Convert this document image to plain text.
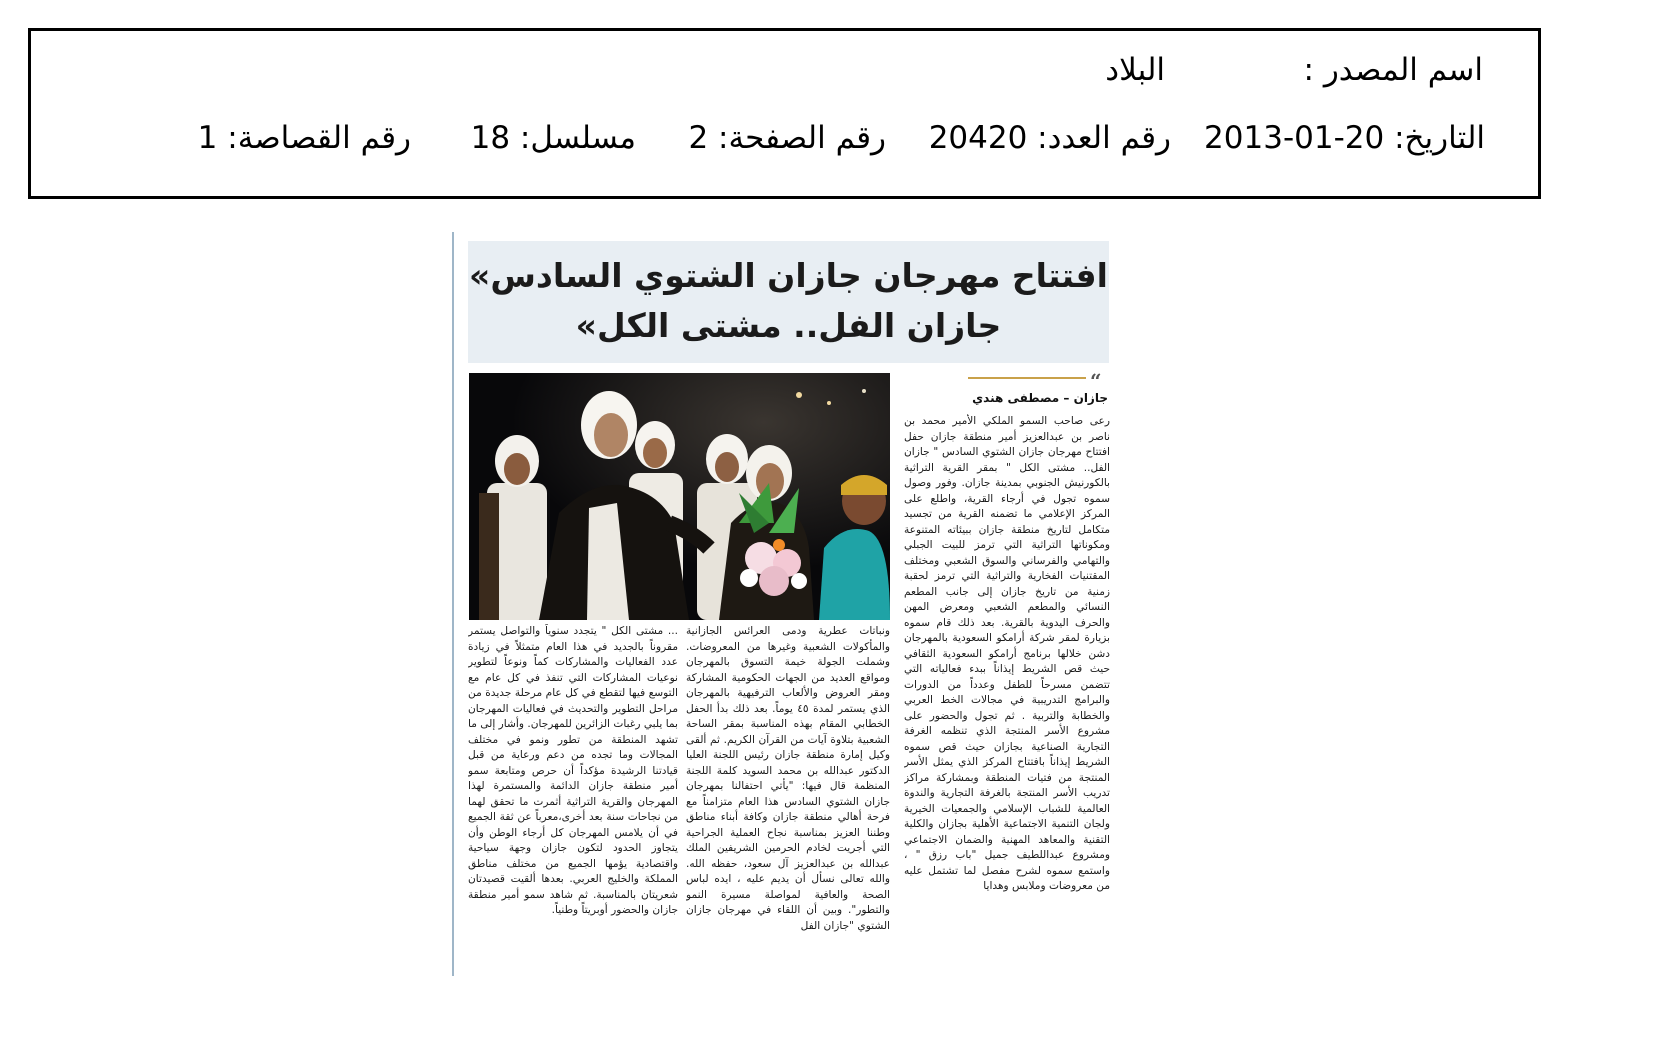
اسم المصدر :
البلاد
التاريخ: 20-01-2013
رقم العدد: 20420
رقم الصفحة: 2
مسلسل: 18
رقم القصاصة: 1
افتتاح مهرجان جازان الشتوي السادس»
جازان الفل.. مشتى الكل»
“
جازان – مصطفى هندي
رعى صاحب السمو الملكي الأمير محمد بن ناصر بن عبدالعزيز أمير منطقة جازان حفل افتتاح مهرجان جازان الشتوي السادس " جازان الفل.. مشتى الكل " بمقر القرية التراثية بالكورنيش الجنوبي بمدينة جازان. وفور وصول سموه تجول في أرجاء القرية، واطلع على المركز الإعلامي ما تضمنه القرية من تجسيد متكامل لتاريخ منطقة جازان ببيئاته المتنوعة ومكوناتها التراثية التي ترمز للبيت الجبلي والتهامي والفرساني والسوق الشعبي ومختلف المقتنيات الفخارية والتراثية التي ترمز لحقبة زمنية من تاريخ جازان إلى جانب المطعم النسائي والمطعم الشعبي ومعرض المهن والحرف اليدوية بالقرية. بعد ذلك قام سموه بزيارة لمقر شركة أرامكو السعودية بالمهرجان دشن خلالها برنامج أرامكو السعودية الثقافي حيث قص الشريط إيذاناً ببدء فعالياته التي تتضمن مسرحاً للطفل وعدداً من الدورات والبرامج التدريبية في مجالات الخط العربي والخطابة والتربية . ثم تجول والحضور على مشروع الأسر المنتجة الذي تنظمه الغرفة التجارية الصناعية بجازان حيث قص سموه الشريط إيذاناً بافتتاح المركز الذي يمثل الأسر المنتجة من فتيات المنطقة وبمشاركة مراكز تدريب الأسر المنتجة بالغرفة التجارية والندوة العالمية للشباب الإسلامي والجمعيات الخيرية ولجان التنمية الاجتماعية الأهلية بجازان والكلية التقنية والمعاهد المهنية والضمان الاجتماعي ومشروع عبداللطيف جميل "باب رزق " ، واستمع سموه لشرح مفصل لما تشتمل عليه من معروضات وملابس وهدايا
ونباتات عطرية ودمى العرائس الجازانية والمأكولات الشعبية وغيرها من المعروضات. وشملت الجولة خيمة التسوق بالمهرجان ومواقع العديد من الجهات الحكومية المشاركة ومقر العروض والألعاب الترفيهية بالمهرجان الذي يستمر لمدة ٤٥ يوماً. بعد ذلك بدأ الحفل الخطابي المقام بهذه المناسبة بمقر الساحة الشعبية بتلاوة آيات من القرآن الكريم. ثم ألقى وكيل إمارة منطقة جازان رئيس اللجنة العليا الدكتور عبدالله بن محمد السويد كلمة اللجنة المنظمة قال فيها: "يأتي احتفالنا بمهرجان جازان الشتوي السادس هذا العام متزامناً مع فرحة أهالي منطقة جازان وكافة أبناء مناطق وطننا العزيز بمناسبة نجاح العملية الجراحية التي أجريت لخادم الحرمين الشريفين الملك عبدالله بن عبدالعزيز آل سعود، حفظه الله. والله تعالى نسأل أن يديم عليه ، ايده لباس الصحة والعافية لمواصلة مسيرة النمو والتطور". وبين أن اللقاء في مهرجان جازان الشتوي "جازان الفل
... مشتى الكل " يتجدد سنوياً والتواصل يستمر مقروناً بالجديد في هذا العام متمثلاً في زيادة عدد الفعاليات والمشاركات كماً ونوعاً لتطوير نوعيات المشاركات التي تنفذ في كل عام مع التوسع فيها لتقطع في كل عام مرحلة جديدة من مراحل التطوير والتحديث في فعاليات المهرجان بما يلبي رغبات الزائرين للمهرجان. وأشار إلى ما تشهد المنطقة من تطور ونمو في مختلف المجالات وما تجده من دعم ورعاية من قبل قيادتنا الرشيدة مؤكداً أن حرص ومتابعة سمو أمير منطقة جازان الدائمة والمستمرة لهذا المهرجان والقرية التراثية أثمرت ما تحقق لهما من نجاحات سنة بعد أخرى،معرباً عن ثقة الجميع في أن يلامس المهرجان كل أرجاء الوطن وأن يتجاوز الحدود لتكون جازان وجهة سياحية واقتصادية يؤمها الجميع من مختلف مناطق المملكة والخليج العربي. بعدها ألقيت قصيدتان شعريتان بالمناسبة. ثم شاهد سمو أمير منطقة جازان والحضور أوبريتاً وطنياً.
